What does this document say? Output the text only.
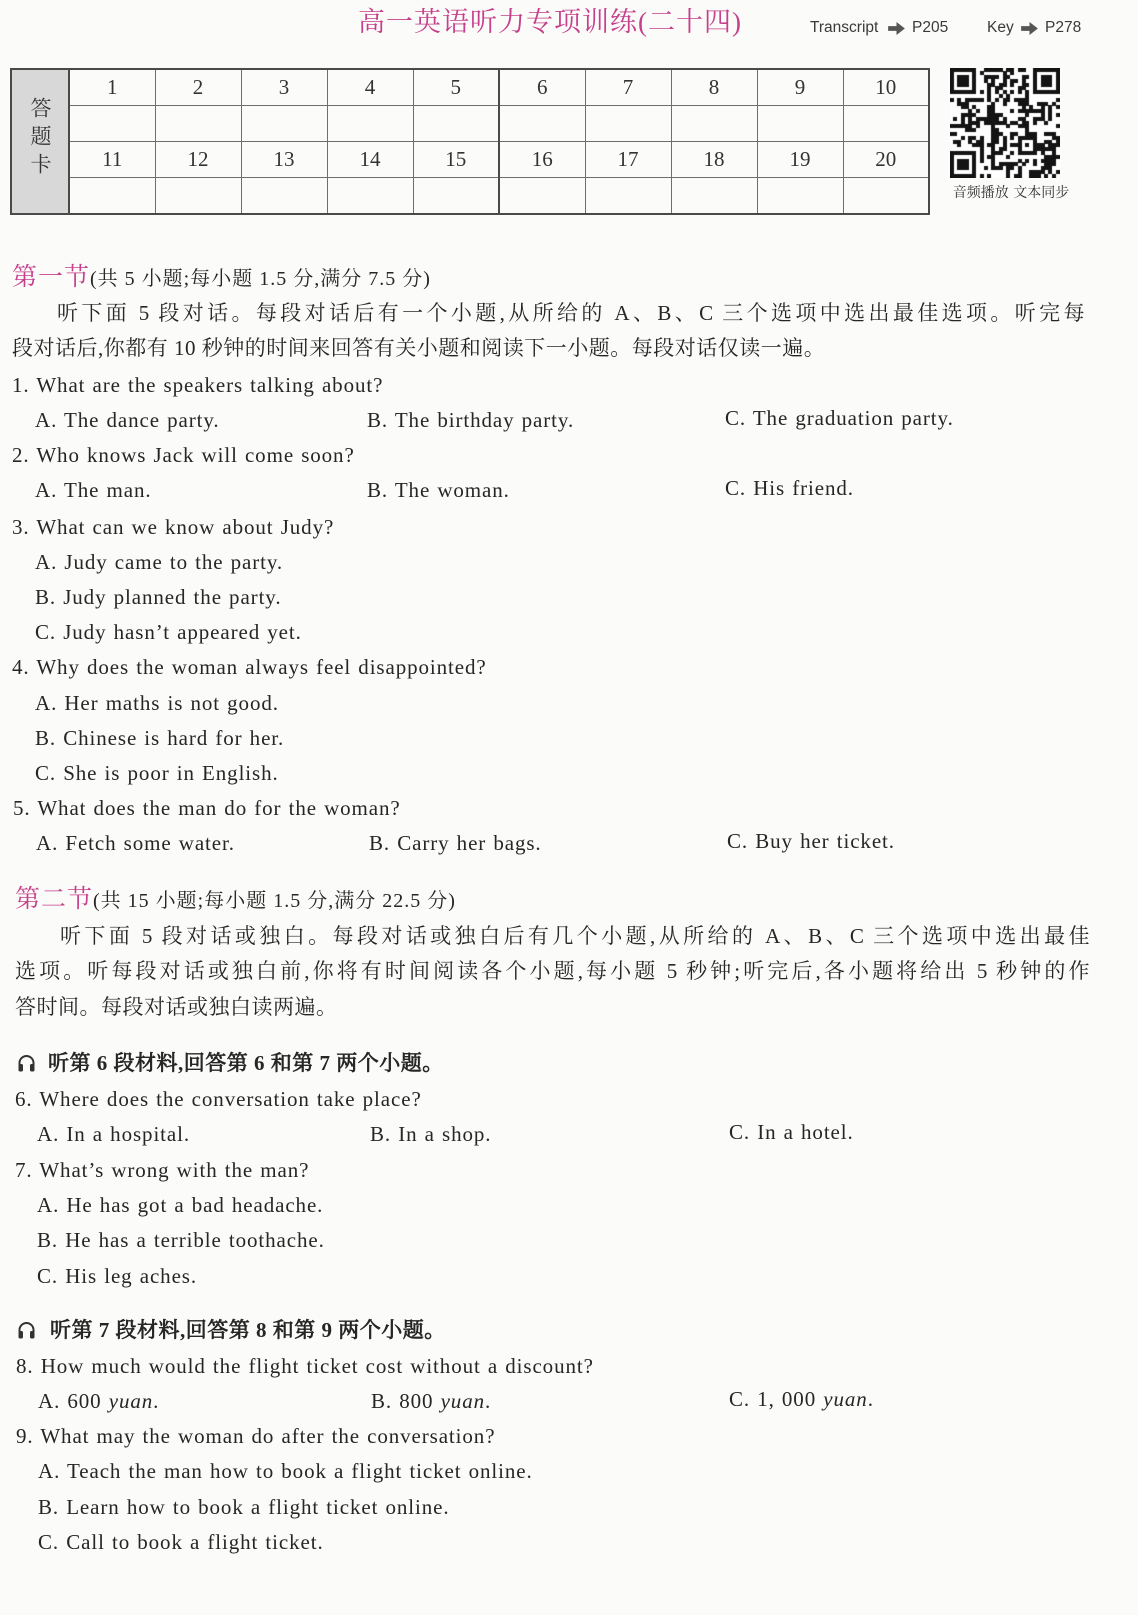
高一英语听力专项训练(二十四)	Transcript P205	Key P278
答题卡	1	2	3	4	5	6	7	8	9	10

	11	12	13	14	15	16	17	18	19	20

音频播放 文本同步
第一节(共 5 小题;每小题 1.5 分,满分 7.5 分)
听下面 5 段对话。每段对话后有一个小题,从所给的 A、B、C 三个选项中选出最佳选项。听完每
段对话后,你都有 10 秒钟的时间来回答有关小题和阅读下一小题。每段对话仅读一遍。
1. What are the speakers talking about?
A. The dance party.	B. The birthday party.	C. The graduation party.
2. Who knows Jack will come soon?
A. The man.	B. The woman.	C. His friend.
3. What can we know about Judy?
A. Judy came to the party.
B. Judy planned the party.
C. Judy hasn’t appeared yet.
4. Why does the woman always feel disappointed?
A. Her maths is not good.
B. Chinese is hard for her.
C. She is poor in English.
5. What does the man do for the woman?
A. Fetch some water.	B. Carry her bags.	C. Buy her ticket.
第二节(共 15 小题;每小题 1.5 分,满分 22.5 分)
听下面 5 段对话或独白。每段对话或独白后有几个小题,从所给的 A、B、C 三个选项中选出最佳
选项。听每段对话或独白前,你将有时间阅读各个小题,每小题 5 秒钟;听完后,各小题将给出 5 秒钟的作
答时间。每段对话或独白读两遍。
听第 6 段材料,回答第 6 和第 7 两个小题。
6. Where does the conversation take place?
A. In a hospital.	B. In a shop.	C. In a hotel.
7. What’s wrong with the man?
A. He has got a bad headache.
B. He has a terrible toothache.
C. His leg aches.
听第 7 段材料,回答第 8 和第 9 两个小题。
8. How much would the flight ticket cost without a discount?
A. 600 yuan.	B. 800 yuan.	C. 1, 000 yuan.
9. What may the woman do after the conversation?
A. Teach the man how to book a flight ticket online.
B. Learn how to book a flight ticket online.
C. Call to book a flight ticket.
